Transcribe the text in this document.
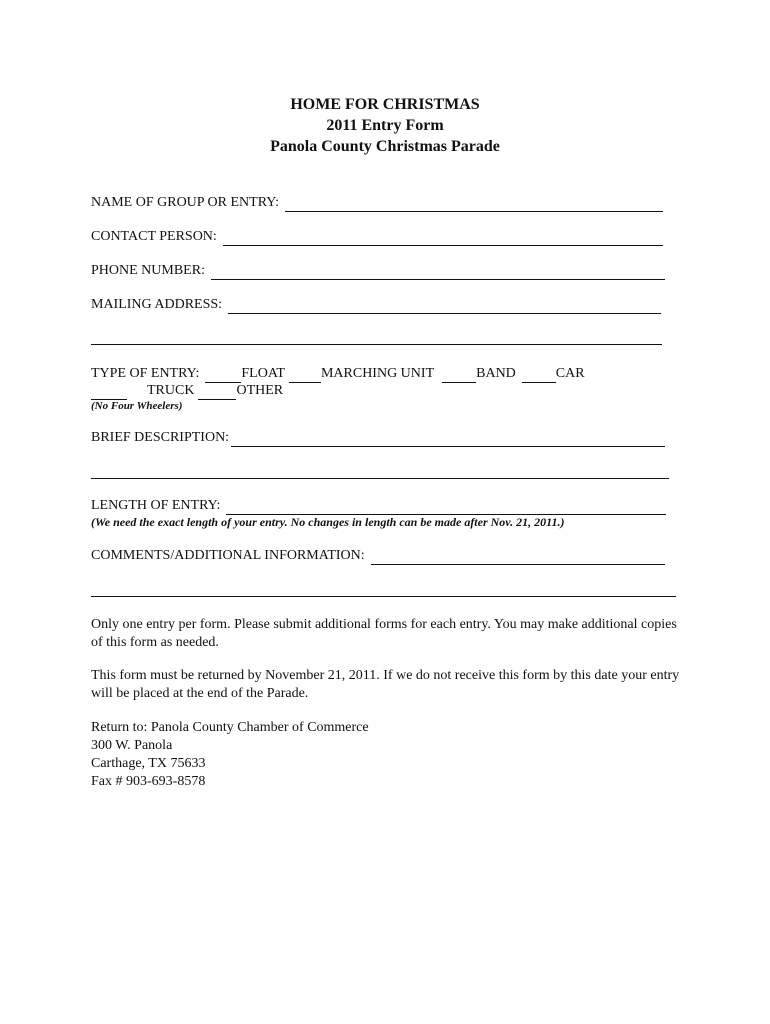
HOME FOR CHRISTMAS
2011 Entry Form
Panola County Christmas Parade
NAME OF GROUP OR ENTRY:
CONTACT PERSON:
PHONE NUMBER:
MAILING ADDRESS:
TYPE OF ENTRY:	FLOAT	MARCHING UNIT	BAND	CAR
TRUCK	OTHER
(No Four Wheelers)
BRIEF DESCRIPTION:
LENGTH OF ENTRY:
(We need the exact length of your entry. No changes in length can be made after Nov. 21, 2011.)
COMMENTS/ADDITIONAL INFORMATION:
Only one entry per form. Please submit additional forms for each entry. You may make additional copies of this form as needed.
This form must be returned by November 21, 2011. If we do not receive this form by this date your entry will be placed at the end of the Parade.
Return to: Panola County Chamber of Commerce
300 W. Panola
Carthage, TX 75633
Fax # 903-693-8578
